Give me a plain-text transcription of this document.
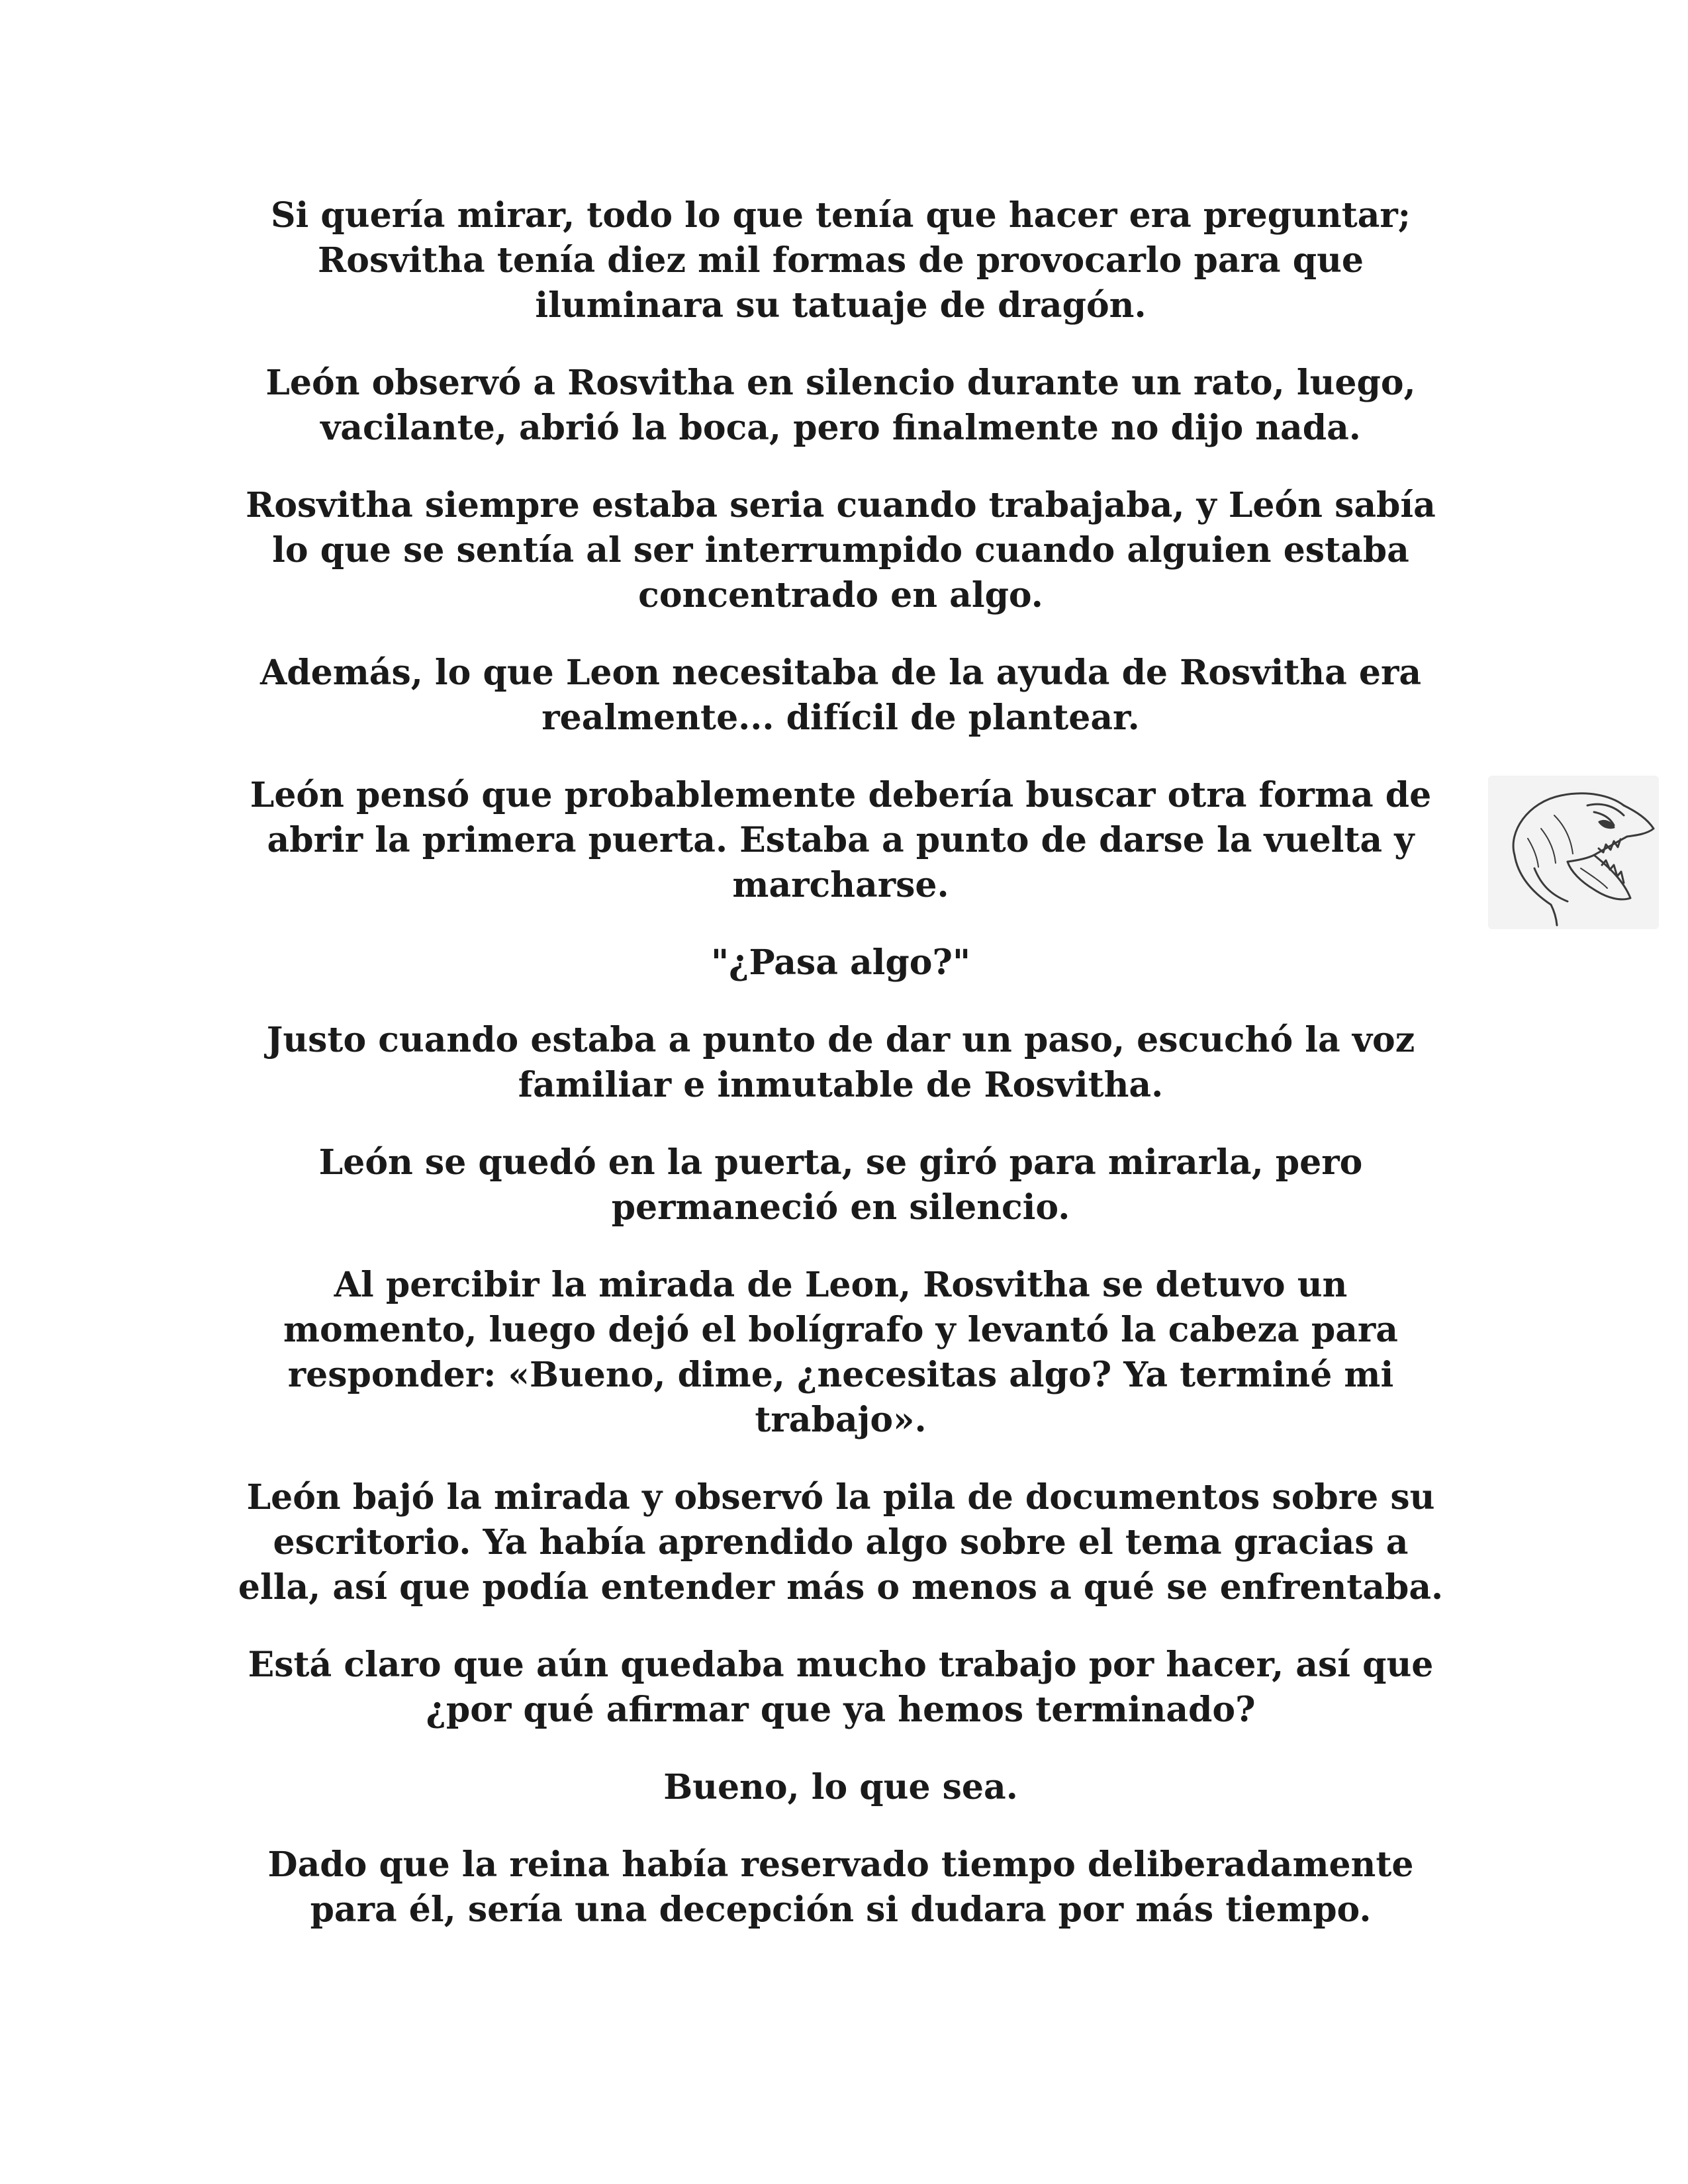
Si quería mirar, todo lo que tenía que hacer era preguntar;
Rosvitha tenía diez mil formas de provocarlo para que
iluminara su tatuaje de dragón.

León observó a Rosvitha en silencio durante un rato, luego,
vacilante, abrió la boca, pero finalmente no dijo nada.

Rosvitha siempre estaba seria cuando trabajaba, y León sabía
lo que se sentía al ser interrumpido cuando alguien estaba
concentrado en algo.

Además, lo que Leon necesitaba de la ayuda de Rosvitha era
realmente... difícil de plantear.

León pensó que probablemente debería buscar otra forma de
abrir la primera puerta. Estaba a punto de darse la vuelta y
marcharse.

"¿Pasa algo?"

Justo cuando estaba a punto de dar un paso, escuchó la voz
familiar e inmutable de Rosvitha.

León se quedó en la puerta, se giró para mirarla, pero
permaneció en silencio.

Al percibir la mirada de Leon, Rosvitha se detuvo un
momento, luego dejó el bolígrafo y levantó la cabeza para
responder: «Bueno, dime, ¿necesitas algo? Ya terminé mi
trabajo».

León bajó la mirada y observó la pila de documentos sobre su
escritorio. Ya había aprendido algo sobre el tema gracias a
ella, así que podía entender más o menos a qué se enfrentaba.

Está claro que aún quedaba mucho trabajo por hacer, así que
¿por qué afirmar que ya hemos terminado?

Bueno, lo que sea.

Dado que la reina había reservado tiempo deliberadamente
para él, sería una decepción si dudara por más tiempo.
